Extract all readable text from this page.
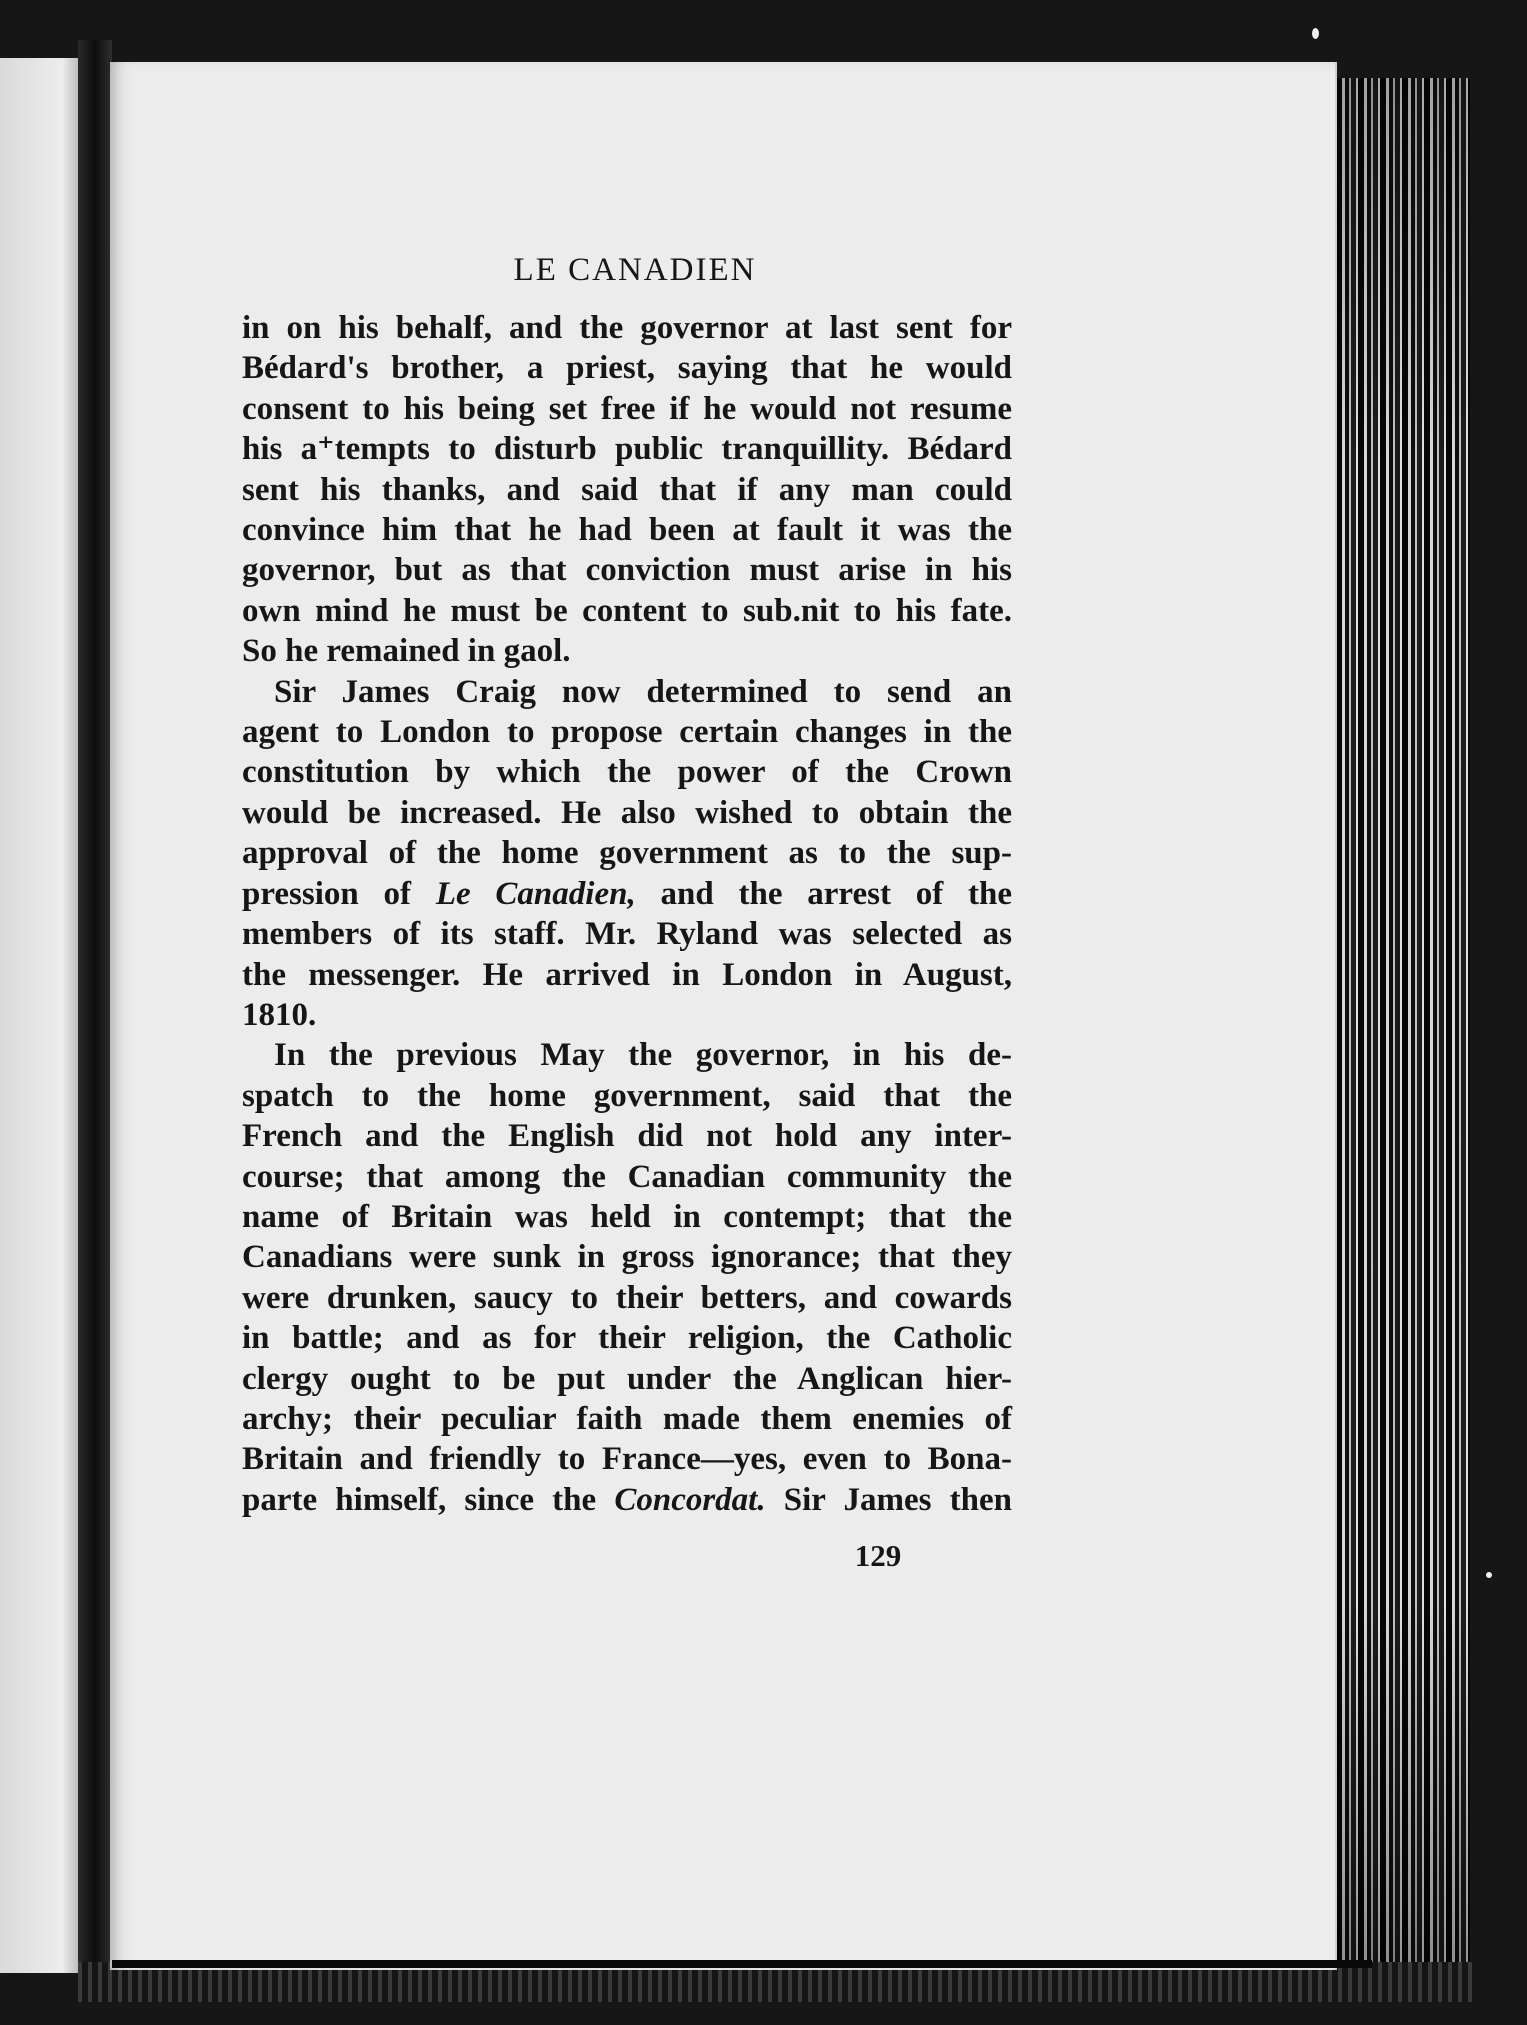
LE CANADIEN
in on his behalf, and the governor at last sent for
Bédard's brother, a priest, saying that he would
consent to his being set free if he would not resume
his a⁺tempts to disturb public tranquillity. Bédard
sent his thanks, and said that if any man could
convince him that he had been at fault it was the
governor, but as that conviction must arise in his
own mind he must be content to sub.nit to his fate.
So he remained in gaol.
Sir James Craig now determined to send an
agent to London to propose certain changes in the
constitution by which the power of the Crown
would be increased. He also wished to obtain the
approval of the home government as to the sup-
pression of Le Canadien, and the arrest of the
members of its staff. Mr. Ryland was selected as
the messenger. He arrived in London in August,
1810.
In the previous May the governor, in his de-
spatch to the home government, said that the
French and the English did not hold any inter-
course; that among the Canadian community the
name of Britain was held in contempt; that the
Canadians were sunk in gross ignorance; that they
were drunken, saucy to their betters, and cowards
in battle; and as for their religion, the Catholic
clergy ought to be put under the Anglican hier-
archy; their peculiar faith made them enemies of
Britain and friendly to France—yes, even to Bona-
parte himself, since the Concordat. Sir James then
129
